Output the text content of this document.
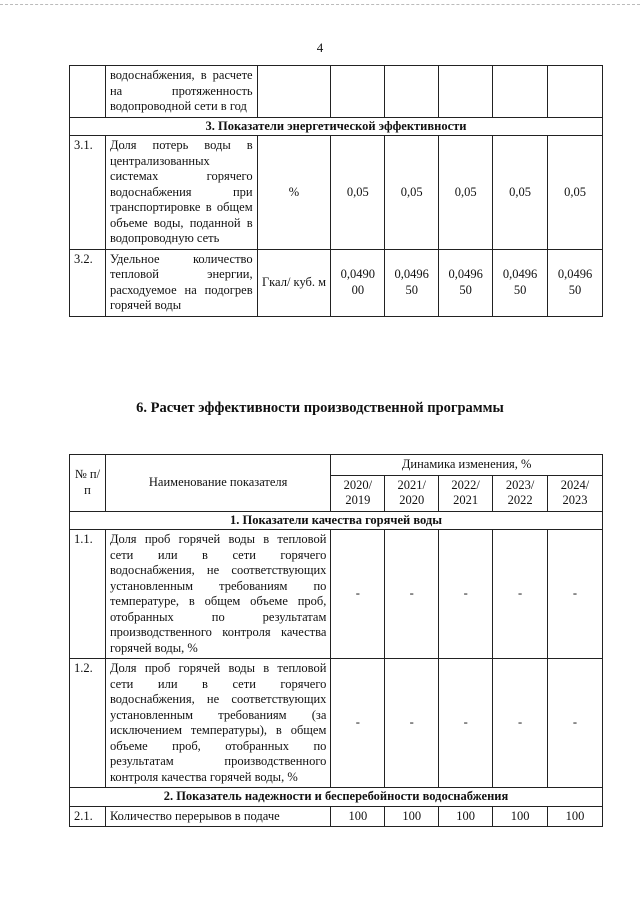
4
	водоснабжения, в расчете на протяженность водопроводной сети в год						
3. Показатели энергетической эффективности							
3.1.	Доля потерь воды в централизованных системах горячего водоснабжения при транспортировке в общем объеме воды, поданной в водопроводную сеть	%	0,05	0,05	0,05	0,05	0,05
3.2.	Удельное количество тепловой энергии, расходуемое на подогрев горячей воды	Гкал/ куб. м	0,0490 00	0,0496 50	0,0496 50	0,0496 50	0,0496 50
6. Расчет эффективности производственной программы
№ п/п	Наименование показателя	Динамика изменения, %				
		2020/ 2019	2021/ 2020	2022/ 2021	2023/ 2022	2024/ 2023
1. Показатели качества горячей воды						
1.1.	Доля проб горячей воды в тепловой сети или в сети горячего водоснабжения, не соответствующих установленным требованиям по температуре, в общем объеме проб, отобранных по результатам производственного контроля качества горячей воды, %	-	-	-	-	-
1.2.	Доля проб горячей воды в тепловой сети или в сети горячего водоснабжения, не соответствующих установленным требованиям (за исключением температуры), в общем объеме проб, отобранных по результатам производственного контроля качества горячей воды, %	-	-	-	-	-
2. Показатель надежности и бесперебойности водоснабжения						
2.1.	Количество перерывов в подаче	100	100	100	100	100
